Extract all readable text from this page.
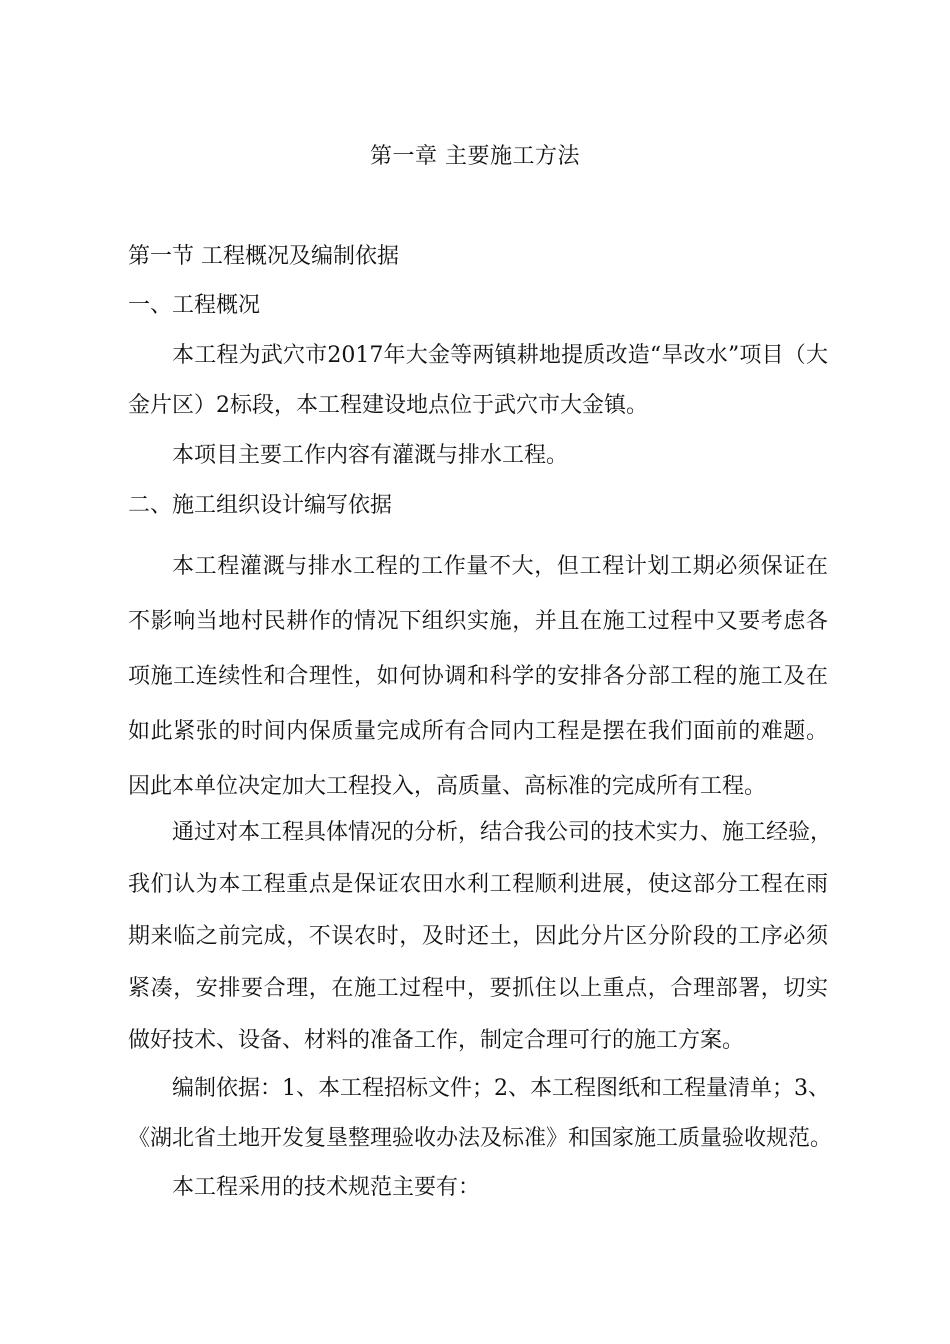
第一章 主要施工方法
第一节 工程概况及编制依据
一、工程概况
本工程为武穴市2017年大金等两镇耕地提质改造“旱改水”项目（大
金片区）2标段，本工程建设地点位于武穴市大金镇。
本项目主要工作内容有灌溉与排水工程。
二、施工组织设计编写依据
本工程灌溉与排水工程的工作量不大，但工程计划工期必须保证在
不影响当地村民耕作的情况下组织实施，并且在施工过程中又要考虑各
项施工连续性和合理性，如何协调和科学的安排各分部工程的施工及在
如此紧张的时间内保质量完成所有合同内工程是摆在我们面前的难题。
因此本单位决定加大工程投入，高质量、高标准的完成所有工程。
通过对本工程具体情况的分析，结合我公司的技术实力、施工经验，
我们认为本工程重点是保证农田水利工程顺利进展，使这部分工程在雨
期来临之前完成，不误农时，及时还土，因此分片区分阶段的工序必须
紧凑，安排要合理，在施工过程中，要抓住以上重点，合理部署，切实
做好技术、设备、材料的准备工作，制定合理可行的施工方案。
编制依据：1、本工程招标文件；2、本工程图纸和工程量清单；3、
《湖北省土地开发复垦整理验收办法及标准》和国家施工质量验收规范。
本工程采用的技术规范主要有：
